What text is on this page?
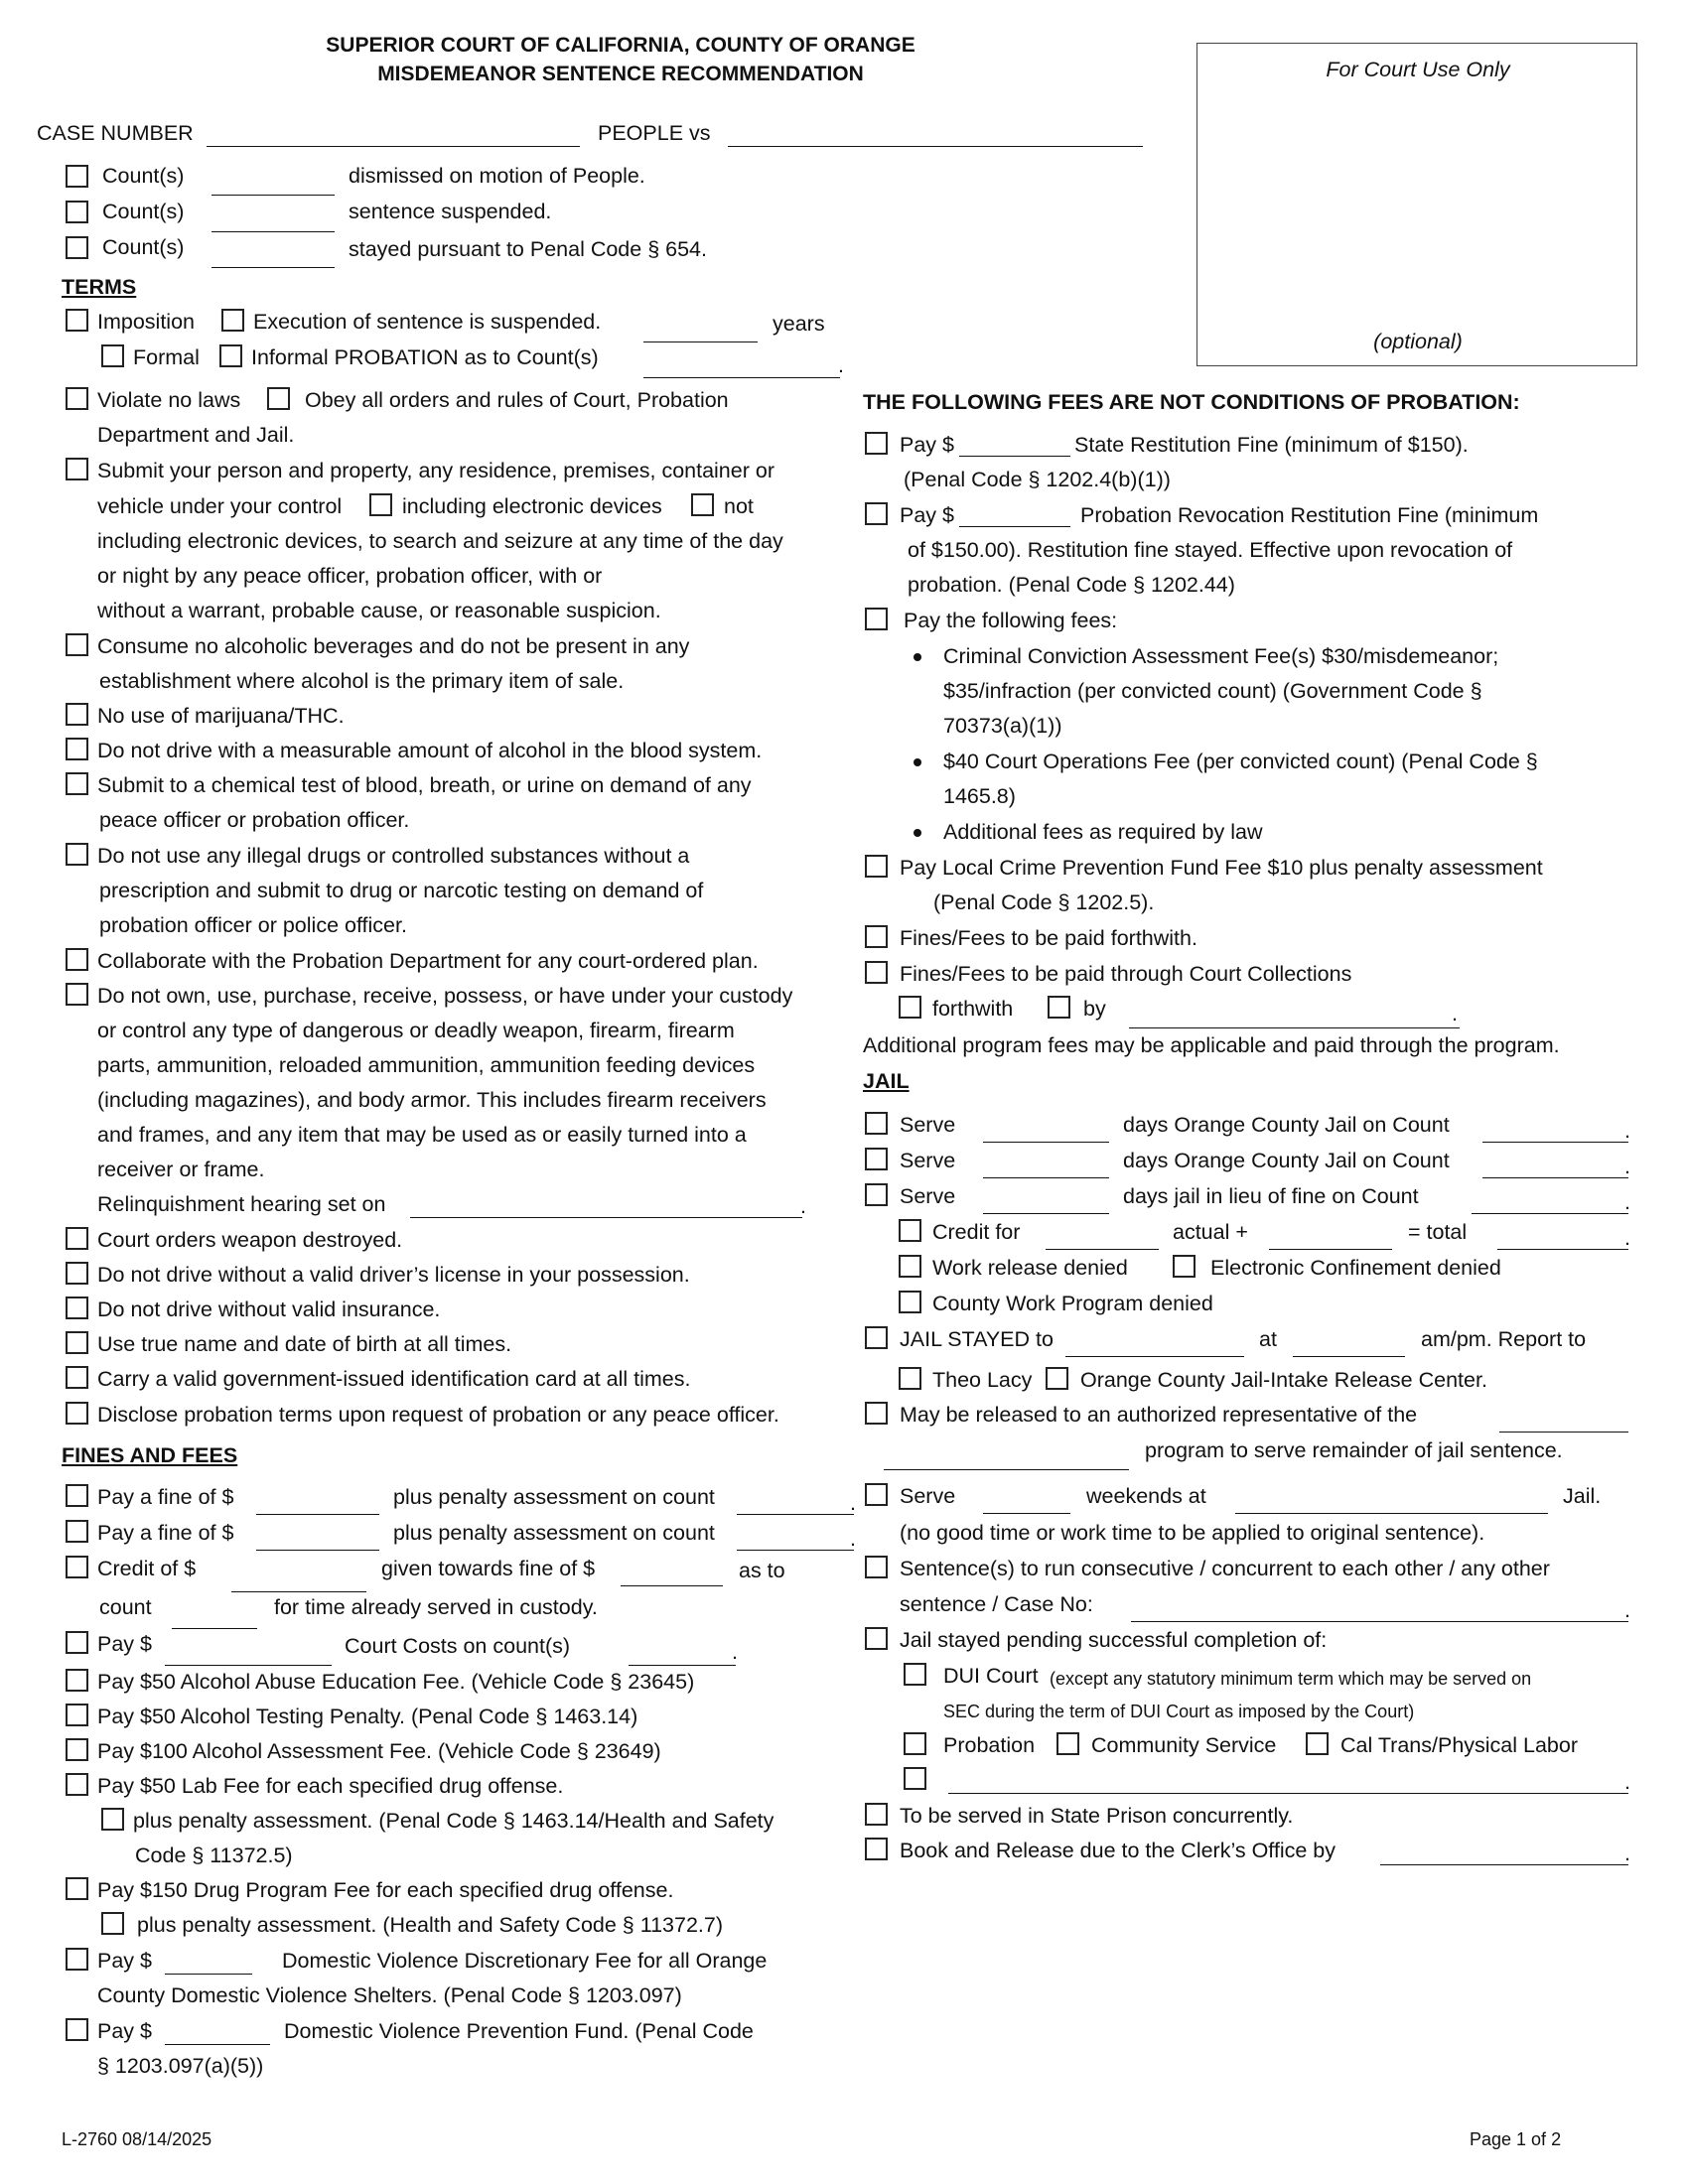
SUPERIOR COURT OF CALIFORNIA, COUNTY OF ORANGE
MISDEMEANOR SENTENCE RECOMMENDATION	For Court Use Only
(optional)
CASE NUMBER	PEOPLE vs
Count(s)	dismissed on motion of People.
Count(s)	sentence suspended.
Count(s)	stayed pursuant to Penal Code § 654.
TERMS
Imposition	Execution of sentence is suspended.	years
Formal Informal PROBATION as to Count(s)	.
Violate no laws	Obey all orders and rules of Court, Probation
Department and Jail.
Submit your person and property, any residence, premises, container or
vehicle under your control	including electronic devices	not
including electronic devices, to search and seizure at any time of the day
or night by any peace officer, probation officer, with or
without a warrant, probable cause, or reasonable suspicion.
Consume no alcoholic beverages and do not be present in any
establishment where alcohol is the primary item of sale.
No use of marijuana/THC.
Do not drive with a measurable amount of alcohol in the blood system.
Submit to a chemical test of blood, breath, or urine on demand of any
peace officer or probation officer.
Do not use any illegal drugs or controlled substances without a
prescription and submit to drug or narcotic testing on demand of
probation officer or police officer.
Collaborate with the Probation Department for any court-ordered plan.
Do not own, use, purchase, receive, possess, or have under your custody
or control any type of dangerous or deadly weapon, firearm, firearm
parts, ammunition, reloaded ammunition, ammunition feeding devices
(including magazines), and body armor. This includes firearm receivers
and frames, and any item that may be used as or easily turned into a
receiver or frame.
Relinquishment hearing set on	.
Court orders weapon destroyed.
Do not drive without a valid driver’s license in your possession.
Do not drive without valid insurance.
Use true name and date of birth at all times.
Carry a valid government-issued identification card at all times.
Disclose probation terms upon request of probation or any peace officer.
FINES AND FEES
Pay a fine of $	plus penalty assessment on count	.
Pay a fine of $	plus penalty assessment on count	.
Credit of $	given towards fine of $	as to
count	for time already served in custody.
Pay $	Court Costs on count(s)	.
Pay $50 Alcohol Abuse Education Fee. (Vehicle Code § 23645)
Pay $50 Alcohol Testing Penalty. (Penal Code § 1463.14)
Pay $100 Alcohol Assessment Fee. (Vehicle Code § 23649)
Pay $50 Lab Fee for each specified drug offense.
plus penalty assessment. (Penal Code § 1463.14/Health and Safety
Code § 11372.5)
Pay $150 Drug Program Fee for each specified drug offense.
plus penalty assessment. (Health and Safety Code § 11372.7)
Pay $	Domestic Violence Discretionary Fee for all Orange
County Domestic Violence Shelters. (Penal Code § 1203.097)
Pay $	Domestic Violence Prevention Fund. (Penal Code
§ 1203.097(a)(5))
THE FOLLOWING FEES ARE NOT CONDITIONS OF PROBATION:
Pay $	State Restitution Fine (minimum of $150).
(Penal Code § 1202.4(b)(1))
Pay $	Probation Revocation Restitution Fine (minimum
of $150.00). Restitution fine stayed. Effective upon revocation of
probation. (Penal Code § 1202.44)
Pay the following fees:
Criminal Conviction Assessment Fee(s) $30/misdemeanor;
$35/infraction (per convicted count) (Government Code §
70373(a)(1))
$40 Court Operations Fee (per convicted count) (Penal Code §
1465.8)
Additional fees as required by law
Pay Local Crime Prevention Fund Fee $10 plus penalty assessment
(Penal Code § 1202.5).
Fines/Fees to be paid forthwith.
Fines/Fees to be paid through Court Collections
forthwith	by	.
Additional program fees may be applicable and paid through the program.
JAIL
Serve	days Orange County Jail on Count	.
Serve	days Orange County Jail on Count	.
Serve	days jail in lieu of fine on Count	.
Credit for	actual +	= total	.
Work release denied	Electronic Confinement denied
County Work Program denied
JAIL STAYED to	at	am/pm. Report to
Theo Lacy Orange County Jail-Intake Release Center.
May be released to an authorized representative of the
program to serve remainder of jail sentence.
Serve	weekends at	Jail.
(no good time or work time to be applied to original sentence).
Sentence(s) to run consecutive / concurrent to each other / any other
sentence / Case No:	.
Jail stayed pending successful completion of:
DUI Court (except any statutory minimum term which may be served on
SEC during the term of DUI Court as imposed by the Court)
Probation	Community Service	Cal Trans/Physical Labor
.
To be served in State Prison concurrently.
Book and Release due to the Clerk’s Office by	.
L-2760 08/14/2025	Page 1 of 2
